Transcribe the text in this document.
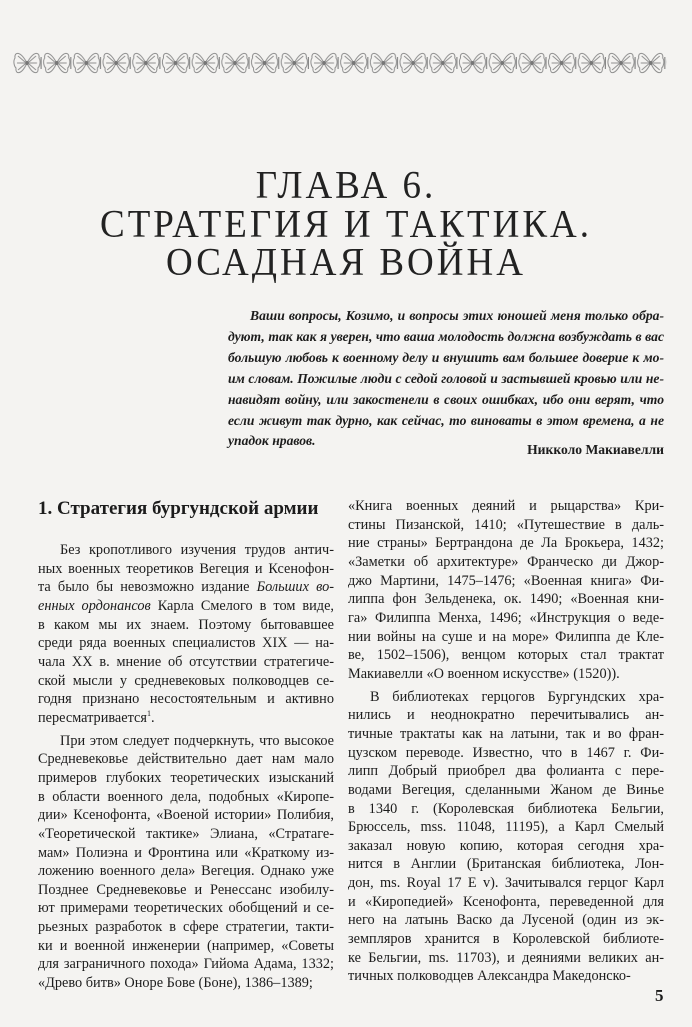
ГЛАВА 6.
СТРАТЕГИЯ И ТАКТИКА.
ОСАДНАЯ ВОЙНА
Ваши вопросы, Козимо, и вопросы этих юношей меня только обра-
дуют, так как я уверен, что ваша молодость должна возбуждать в вас
большую любовь к военному делу и внушить вам большее доверие к мо-
им словам. Пожилые люди с седой головой и застывшей кровью или не-
навидят войну, или закостенели в своих ошибках, ибо они верят, что
если живут так дурно, как сейчас, то виноваты в этом времена, а не
упадок нравов.
Никколо Макиавелли
1. Стратегия бургундской армии
Без кропотливого изучения трудов антич-
ных военных теоретиков Вегеция и Ксенофон-
та было бы невозможно издание Больших во-
енных ордонансов Карла Смелого в том виде,
в каком мы их знаем. Поэтому бытовавшее
среди ряда военных специалистов XIX — на-
чала XX в. мнение об отсутствии стратегиче-
ской мысли у средневековых полководцев се-
годня признано несостоятельным и активно
пересматривается$^1$.
При этом следует подчеркнуть, что высокое
Средневековье действительно дает нам мало
примеров глубоких теоретических изысканий
в области военного дела, подобных «Киропе-
дии» Ксенофонта, «Военой истории» Полибия,
«Теоретической тактике» Элиана, «Стратаге-
мам» Полиэна и Фронтина или «Краткому из-
ложению военного дела» Вегеция. Однако уже
Позднее Средневековье и Ренессанс изобилу-
ют примерами теоретических обобщений и се-
рьезных разработок в сфере стратегии, такти-
ки и военной инженерии (например, «Советы
для заграничного похода» Гийома Адама, 1332;
«Древо битв» Оноре Бове (Боне), 1386–1389;
«Книга военных деяний и рыцарства» Кри-
стины Пизанской, 1410; «Путешествие в даль-
ние страны» Бертрандона де Ла Брокьера, 1432;
«Заметки об архитектуре» Франческо ди Джор-
джо Мартини, 1475–1476; «Военная книга» Фи-
липпа фон Зельденека, ок. 1490; «Военная кни-
га» Филиппа Менха, 1496; «Инструкция о веде-
нии войны на суше и на море» Филиппа де Кле-
ве, 1502–1506), венцом которых стал трактат
Макиавелли «О военном искусстве» (1520)).
В библиотеках герцогов Бургундских хра-
нились и неоднократно перечитывались ан-
тичные трактаты как на латыни, так и во фран-
цузском переводе. Известно, что в 1467 г. Фи-
липп Добрый приобрел два фолианта с пере-
водами Вегеция, сделанными Жаном де Винье
в 1340 г. (Королевская библиотека Бельгии,
Брюссель, mss. 11048, 11195), а Карл Смелый
заказал новую копию, которая сегодня хра-
нится в Англии (Британская библиотека, Лон-
дон, ms. Royal 17 E v). Зачитывался герцог Карл
и «Киропедией» Ксенофонта, переведенной для
него на латынь Васко да Лусеной (один из эк-
земпляров хранится в Королевской библиоте-
ке Бельгии, ms. 11703), и деяниями великих ан-
тичных полководцев Александра Македонско-
5
